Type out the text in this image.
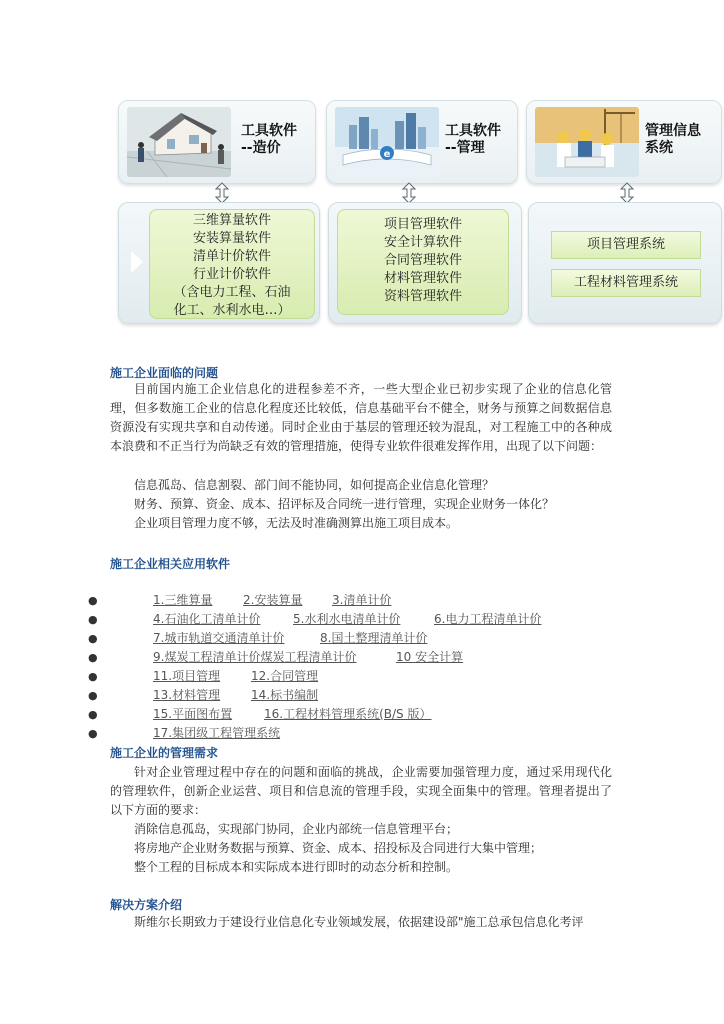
工具软件
--造价	e
工具软件
--管理
管理信息
系统
三维算量软件
安装算量软件
清单计价软件
行业计价软件
（含电力工程、石油
化工、水利水电…）
项目管理软件
安全计算软件
合同管理软件
材料管理软件
资料管理软件
项目管理系统
工程材料管理系统
施工企业面临的问题
目前国内施工企业信息化的进程参差不齐，一些大型企业已初步实现了企业的信息化管理，但多数施工企业的信息化程度还比较低，信息基础平台不健全，财务与预算之间数据信息资源没有实现共享和自动传递。同时企业由于基层的管理还较为混乱，对工程施工中的各种成本浪费和不正当行为尚缺乏有效的管理措施，使得专业软件很难发挥作用，出现了以下问题：
信息孤岛、信息割裂、部门间不能协同，如何提高企业信息化管理？
财务、预算、资金、成本、招评标及合同统一进行管理，实现企业财务一体化？
企业项目管理力度不够，无法及时准确测算出施工项目成本。
施工企业相关应用软件
●	1.三维算量	2.安装算量 3.清单计价
●	4.石油化工清单计价	5.水利水电清单计价	6.电力工程清单计价
●	7.城市轨道交通清单计价	8.国土整理清单计价
●	9.煤炭工程清单计价煤炭工程清单计价	10 安全计算
●	11.项目管理	12.合同管理
●	13.材料管理	14.标书编制
●	15.平面图布置	16.工程材料管理系统(B/S 版）
●	17.集团级工程管理系统
施工企业的管理需求
针对企业管理过程中存在的问题和面临的挑战，企业需要加强管理力度，通过采用现代化的管理软件，创新企业运营、项目和信息流的管理手段，实现全面集中的管理。管理者提出了以下方面的要求：
消除信息孤岛，实现部门协同，企业内部统一信息管理平台；
将房地产企业财务数据与预算、资金、成本、招投标及合同进行大集中管理；
整个工程的目标成本和实际成本进行即时的动态分析和控制。
解决方案介绍
斯维尔长期致力于建设行业信息化专业领域发展，依据建设部"施工总承包信息化考评
